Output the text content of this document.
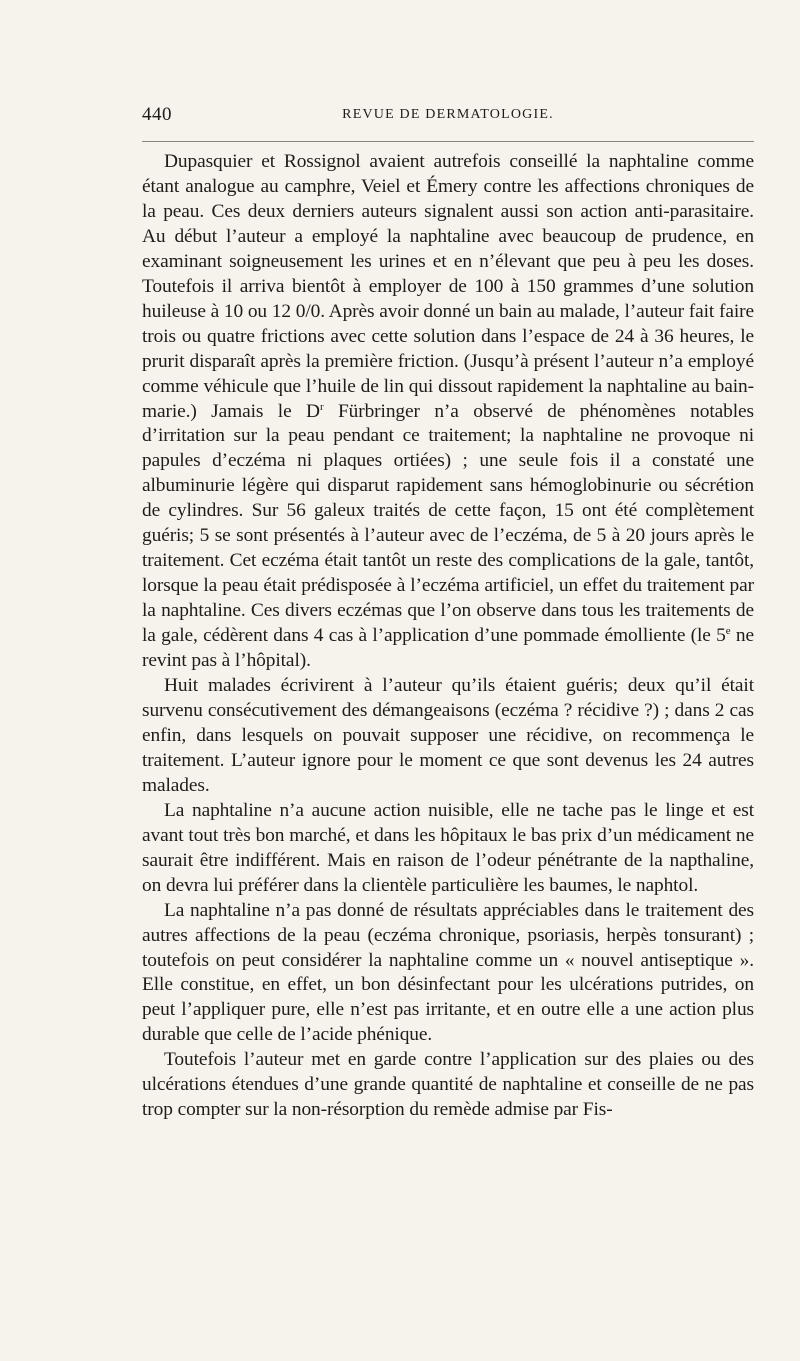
440	REVUE DE DERMATOLOGIE.

Dupasquier et Rossignol avaient autrefois conseillé la naphtaline comme étant analogue au camphre, Veiel et Émery contre les affections chroniques de la peau. Ces deux derniers auteurs signalent aussi son action anti-parasitaire. Au début l’auteur a employé la naphtaline avec beaucoup de prudence, en examinant soigneusement les urines et en n’élevant que peu à peu les doses. Toutefois il arriva bientôt à employer de 100 à 150 grammes d’une solution huileuse à 10 ou 12 0/0. Après avoir donné un bain au malade, l’auteur fait faire trois ou quatre frictions avec cette solution dans l’espace de 24 à 36 heures, le prurit disparaît après la première friction. (Jusqu’à présent l’auteur n’a employé comme véhicule que l’huile de lin qui dissout rapidement la naphtaline au bain-marie.) Jamais le $D^r$ Fürbringer n’a observé de phénomènes notables d’irritation sur la peau pendant ce traitement; la naphtaline ne provoque ni papules d’eczéma ni plaques ortiées) ; une seule fois il a constaté une albuminurie légère qui disparut rapidement sans hémoglobinurie ou sécrétion de cylindres. Sur 56 galeux traités de cette façon, 15 ont été complètement guéris; 5 se sont présentés à l’auteur avec de l’eczéma, de 5 à 20 jours après le traitement. Cet eczéma était tantôt un reste des complications de la gale, tantôt, lorsque la peau était prédisposée à l’eczéma artificiel, un effet du traitement par la naphtaline. Ces divers eczémas que l’on observe dans tous les traitements de la gale, cédèrent dans 4 cas à l’application d’une pommade émolliente (le 5e ne revint pas à l’hôpital).

Huit malades écrivirent à l’auteur qu’ils étaient guéris; deux qu’il était survenu consécutivement des démangeaisons (eczéma ? récidive ?) ; dans 2 cas enfin, dans lesquels on pouvait supposer une récidive, on recommença le traitement. L’auteur ignore pour le moment ce que sont devenus les 24 autres malades.

La naphtaline n’a aucune action nuisible, elle ne tache pas le linge et est avant tout très bon marché, et dans les hôpitaux le bas prix d’un médicament ne saurait être indifférent. Mais en raison de l’odeur pénétrante de la napthaline, on devra lui préférer dans la clientèle particulière les baumes, le naphtol.

La naphtaline n’a pas donné de résultats appréciables dans le traitement des autres affections de la peau (eczéma chronique, psoriasis, herpès tonsurant) ; toutefois on peut considérer la naphtaline comme un « nouvel antiseptique ». Elle constitue, en effet, un bon désinfectant pour les ulcérations putrides, on peut l’appliquer pure, elle n’est pas irritante, et en outre elle a une action plus durable que celle de l’acide phénique.

Toutefois l’auteur met en garde contre l’application sur des plaies ou des ulcérations étendues d’une grande quantité de naphtaline et conseille de ne pas trop compter sur la non-résorption du remède admise par Fis-
